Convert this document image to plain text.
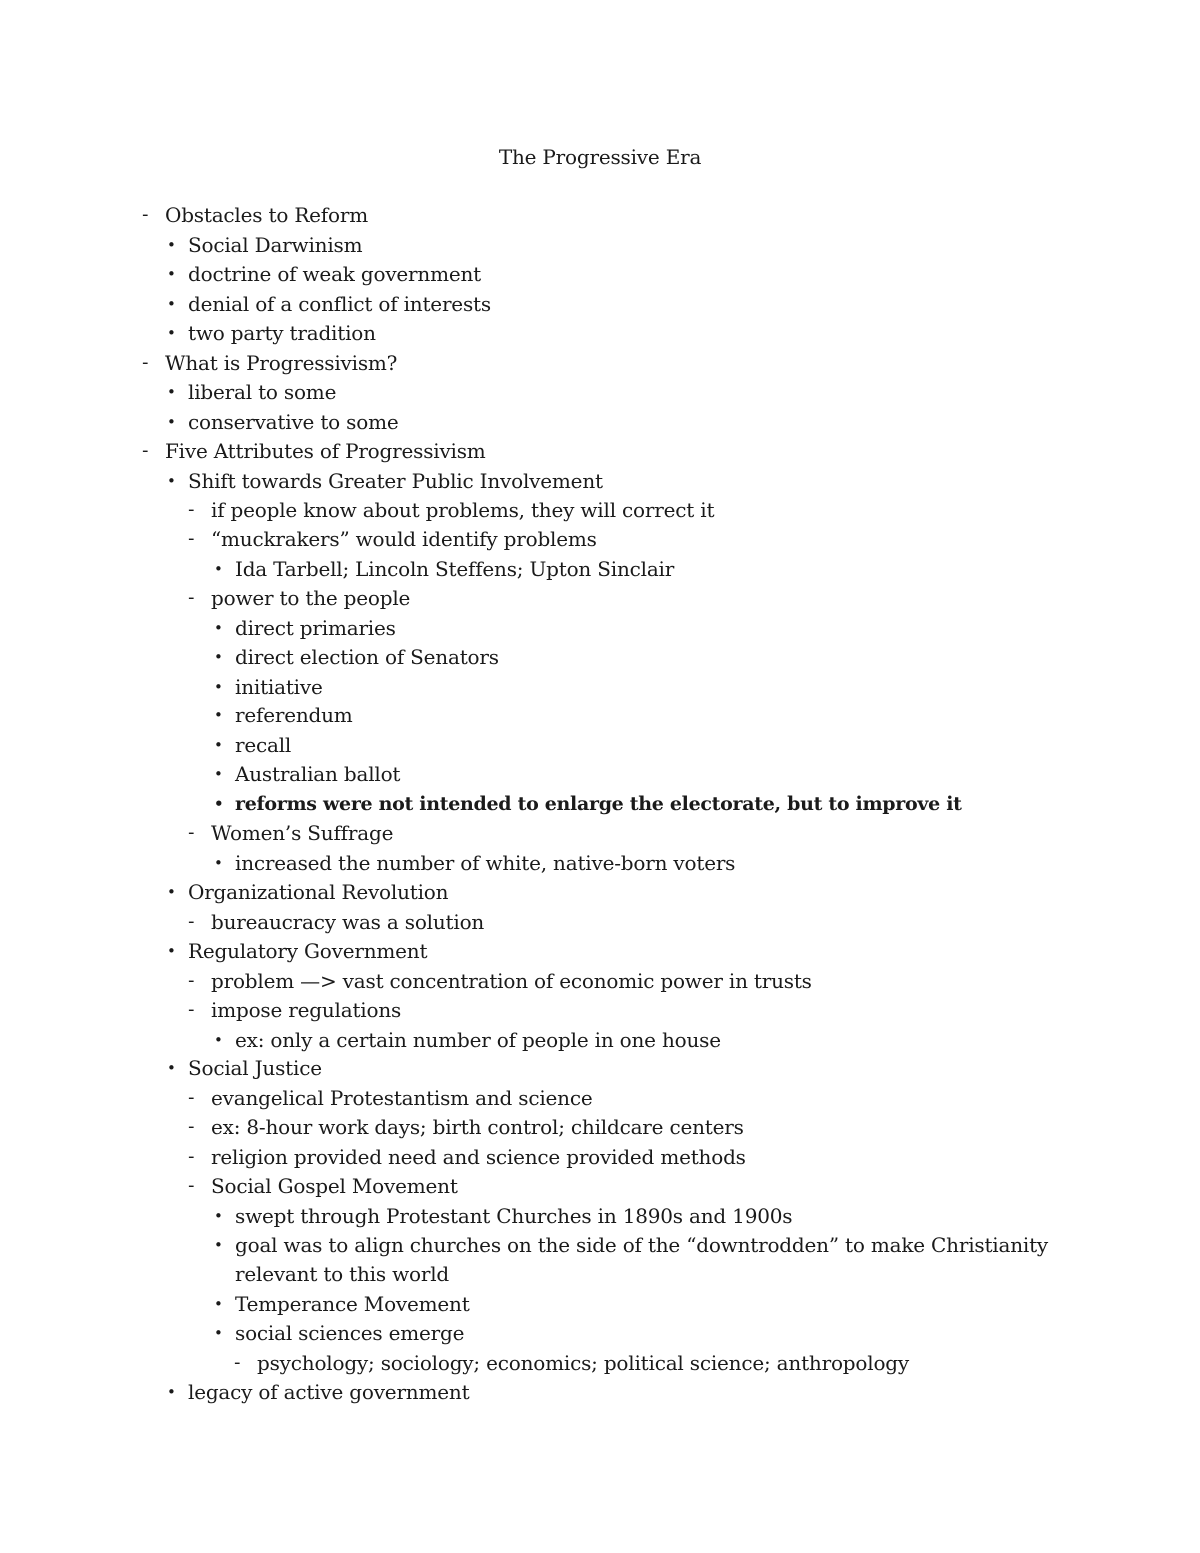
The Progressive Era
- Obstacles to Reform
• Social Darwinism
• doctrine of weak government
• denial of a conflict of interests
• two party tradition
- What is Progressivism?
• liberal to some
• conservative to some
- Five Attributes of Progressivism
• Shift towards Greater Public Involvement
- if people know about problems, they will correct it
- “muckrakers” would identify problems
• Ida Tarbell; Lincoln Steffens; Upton Sinclair
- power to the people
• direct primaries
• direct election of Senators
• initiative
• referendum
• recall
• Australian ballot
• reforms were not intended to enlarge the electorate, but to improve it
- Women’s Suffrage
• increased the number of white, native-born voters
• Organizational Revolution
- bureaucracy was a solution
• Regulatory Government
- problem —> vast concentration of economic power in trusts
- impose regulations
• ex: only a certain number of people in one house
• Social Justice
- evangelical Protestantism and science
- ex: 8-hour work days; birth control; childcare centers
- religion provided need and science provided methods
- Social Gospel Movement
• swept through Protestant Churches in 1890s and 1900s
• goal was to align churches on the side of the “downtrodden” to make Christianity
relevant to this world
• Temperance Movement
• social sciences emerge
- psychology; sociology; economics; political science; anthropology
• legacy of active government
